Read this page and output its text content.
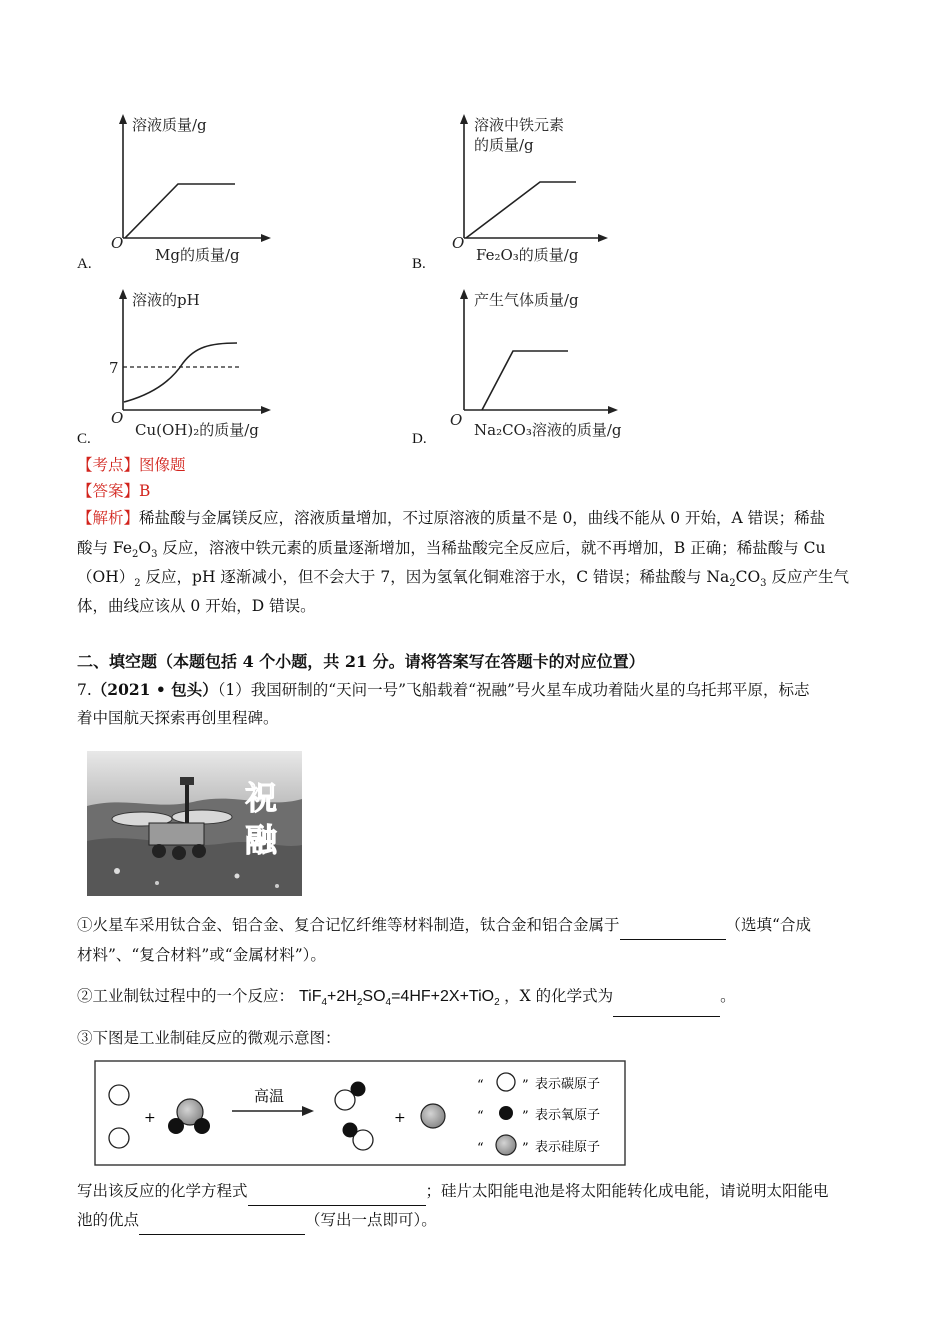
溶液质量/g
O
Mg的质量/g
A.
溶液中铁元素
的质量/g
O
Fe₂O₃的质量/g
B.
溶液的pH
7
O
Cu(OH)₂的质量/g
C.
产生气体质量/g
O
Na₂CO₃溶液的质量/g
D.
【考点】图像题
【答案】B
【解析】稀盐酸与金属镁反应，溶液质量增加，不过原溶液的质量不是 0，曲线不能从 0 开始，A 错误；稀盐
酸与 $Fe_2O_3$ 反应，溶液中铁元素的质量逐渐增加，当稀盐酸完全反应后，就不再增加，B 正确；稀盐酸与 Cu
$(OH)_2$ 反应，pH 逐渐减小，但不会大于 7，因为氢氧化铜难溶于水，C 错误；稀盐酸与 $Na_2CO_3$ 反应产生气
体，曲线应该从 0 开始，D 错误。
二、填空题（本题包括 4 个小题，共 21 分。请将答案写在答题卡的对应位置）
7.（2021 • 包头）（1）我国研制的“天问一号”飞船载着“祝融”号火星车成功着陆火星的乌托邦平原，标志
着中国航天探索再创里程碑。
祝
融
①火星车采用钛合金、铝合金、复合记忆纤维等材料制造，钛合金和铝合金属于	（选填“合成
材料”、“复合材料”或“金属材料”）。
②工业制钛过程中的一个反应： $TiF_4+2H_2SO_4=4HF+2X+TiO_2$ ，X 的化学式为	。
③下图是工业制硅反应的微观示意图：
+
高温
+
“	” 表示碳原子
“	” 表示氧原子
“	” 表示硅原子
写出该反应的化学方程式	；硅片太阳能电池是将太阳能转化成电能，请说明太阳能电
池的优点	（写出一点即可）。
